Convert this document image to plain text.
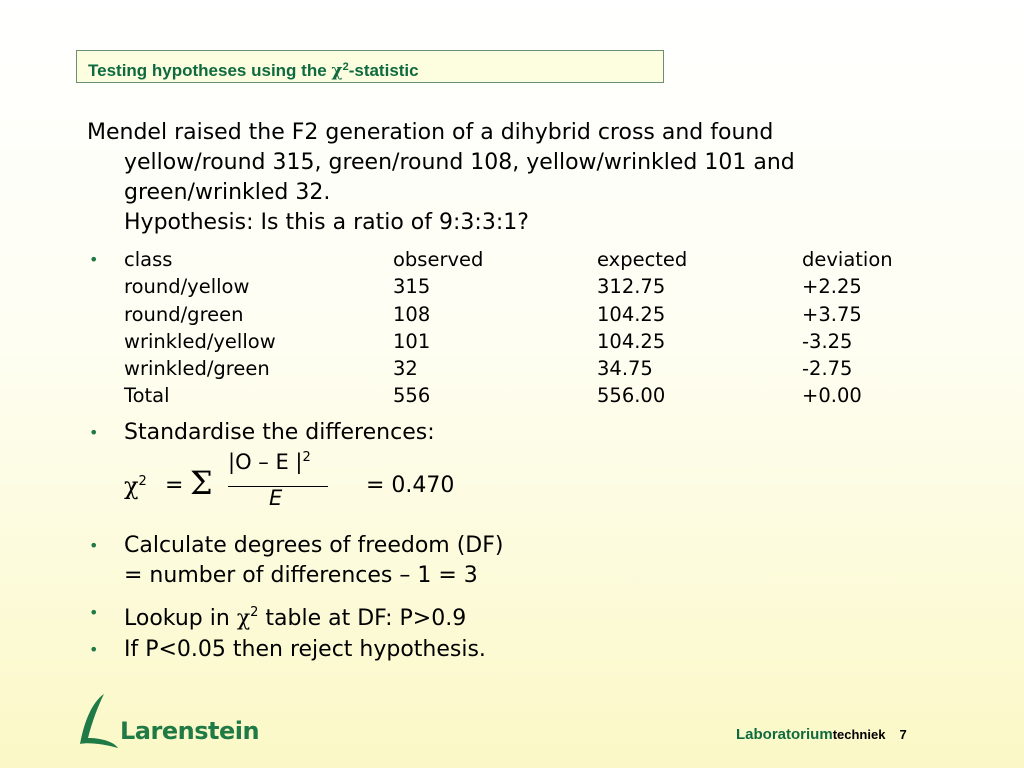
Testing hypotheses using the $\chi^2$-statistic
Mendel raised the F2 generation of a dihybrid cross and found
yellow/round 315, green/round 108, yellow/wrinkled 101 and
green/wrinkled 32.
Hypothesis: Is this a ratio of 9:3:3:1?
• class	observed	expected	deviation
round/yellow	315	312.75	+2.25
round/green	108	104.25	+3.75
wrinkled/yellow	101	104.25	-3.25
wrinkled/green	32	34.75	-2.75
Total	556	556.00	+0.00
• Standardise the differences:
$\chi^2 = \Sigma$
|O – E $|^2$
E	= 0.470
• Calculate degrees of freedom (DF)
= number of differences – 1 = 3
• Lookup in $\chi^2$ table at DF: P>0.9
• If P<0.05 then reject hypothesis.
Larenstein	Laboratoriumtechniek 7
